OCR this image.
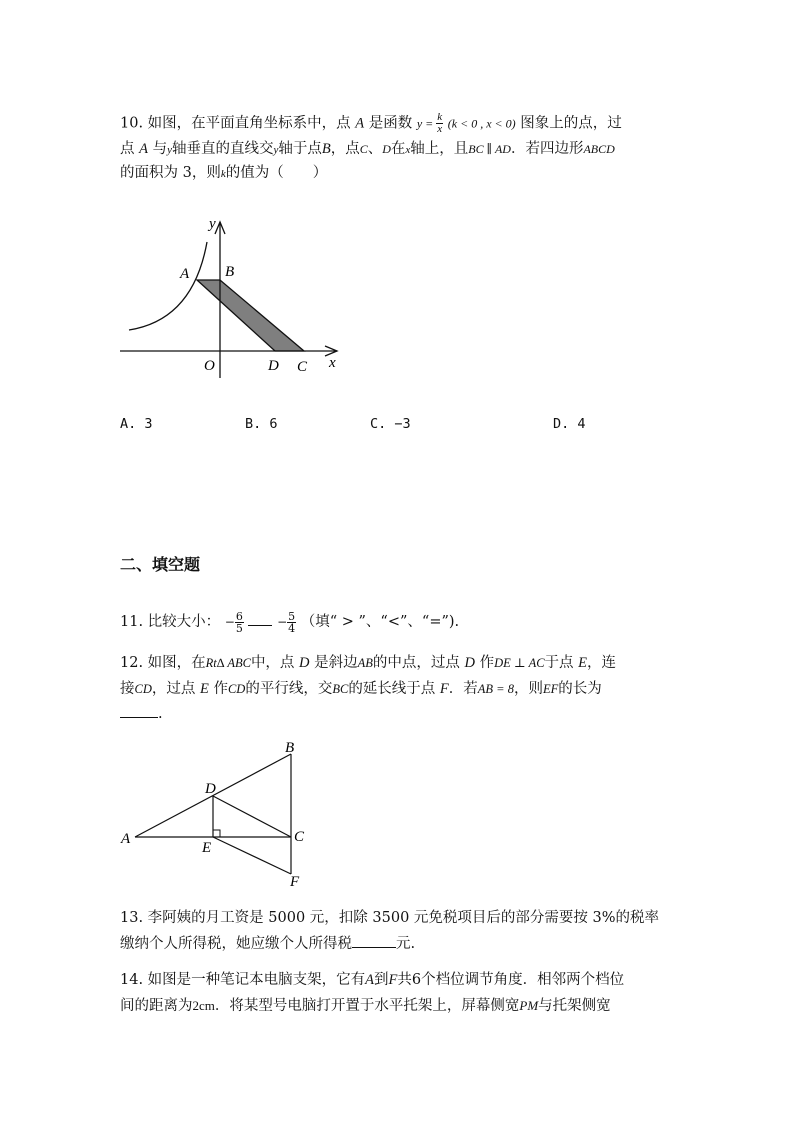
10. 如图，在平面直角坐标系中，点 A 是函数 $y = \frac{k}{x} (k < 0$ , x < 0) 图象上的点，过
点 A 与y轴垂直的直线交y轴于点B，点C、D在x轴上，且BC ∥ AD．若四边形ABCD
的面积为 3，则k的值为（　　）
y
A B
O	D C x
A. 3	B. 6	C. −3	D. 4
二、填空题
11. 比较大小： − $\frac{6}{5}$	− $\frac{5}{4}$ （填“ > ”、“<”、“=”).
12. 如图，在Rt∆ ABC中，点 D 是斜边AB的中点，过点 D 作DE ⊥ AC于点 E，连
接CD，过点 E 作CD的平行线，交BC的延长线于点 F．若AB = 8，则EF的长为
.
B
D
A	C
E
F
13. 李阿姨的月工资是 5000 元，扣除 3500 元免税项目后的部分需要按 3%的税率
缴纳个人所得税，她应缴个人所得税	元.
14. 如图是一种笔记本电脑支架，它有A到F共6个档位调节角度．相邻两个档位
间的距离为2cm．将某型号电脑打开置于水平托架上，屏幕侧宽PM与托架侧宽
